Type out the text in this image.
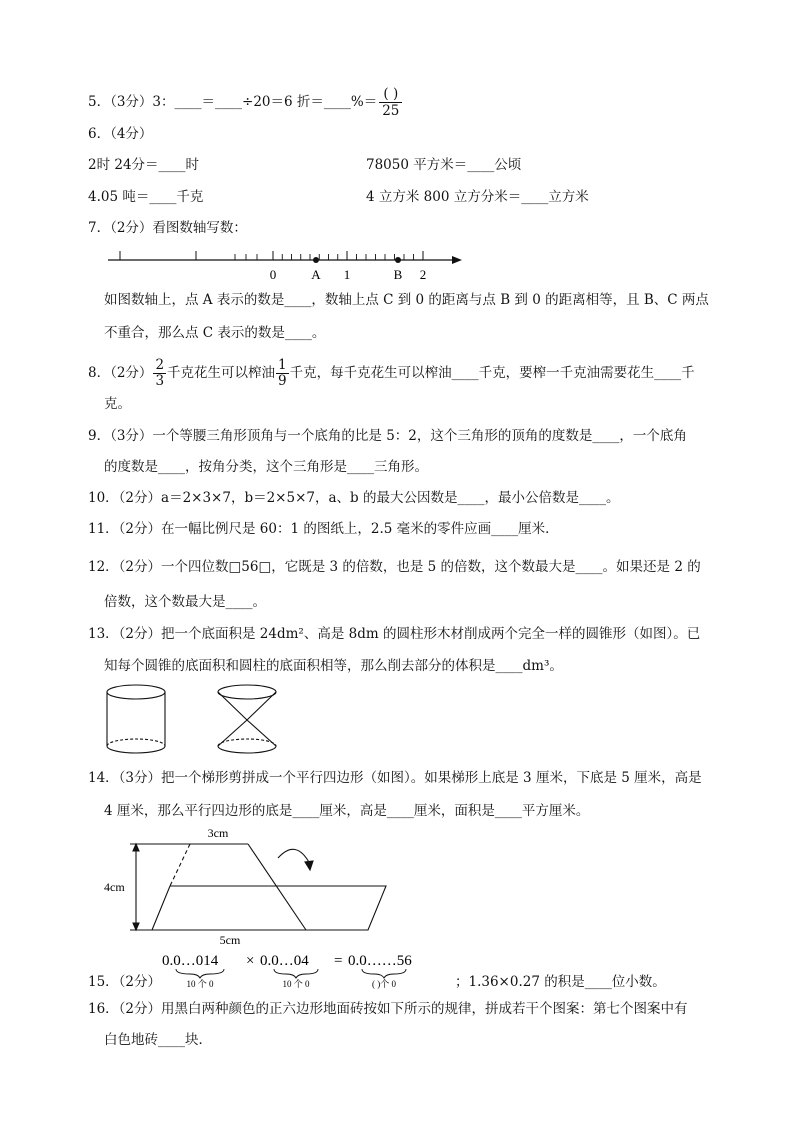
5．（3分）3：____＝____÷20＝6 折＝____%＝ ( )
25
6．（4分）
2时 24分＝____时	78050 平方米＝____公顷
4.05 吨＝____千克	4 立方米 800 立方分米＝____立方米
7．（2分）看图数轴写数：
0	A 1	B 2
如图数轴上，点 A 表示的数是____，数轴上点 C 到 0 的距离与点 B 到 0 的距离相等，且 B、C 两点
不重合，那么点 C 表示的数是____。
8．（2分） $\frac{2}{3}$ 千克花生可以榨油 $\frac{1}{9}$ 千克，每千克花生可以榨油____千克，要榨一千克油需要花生____千
克。
9．（3分）一个等腰三角形顶角与一个底角的比是 5：2，这个三角形的顶角的度数是____，一个底角
的度数是____，按角分类，这个三角形是____三角形。
10．（2分）a＝2×3×7，b＝2×5×7，a、b 的最大公因数是____，最小公倍数是____。
11．（2分）在一幅比例尺是 60：1 的图纸上，2.5 毫米的零件应画____厘米．
12．（2分）一个四位数□56□，它既是 3 的倍数，也是 5 的倍数，这个数最大是____。如果还是 2 的
倍数，这个数最大是____。
13．（2分）把一个底面积是 24dm²、高是 8dm 的圆柱形木材削成两个完全一样的圆锥形（如图）。已
知每个圆锥的底面积和圆柱的底面积相等，那么削去部分的体积是____dm³。
14．（3分）把一个梯形剪拼成一个平行四边形（如图）。如果梯形上底是 3 厘米，下底是 5 厘米，高是
4 厘米，那么平行四边形的底是____厘米，高是____厘米，面积是____平方厘米。
3cm
4cm
5cm
15．（2分）
0.0…014 × 0.0…04 = 0.0……56
10 个 0	10 个 0	( )个 0	；1.36×0.27 的积是____位小数。
16．（2分）用黑白两种颜色的正六边形地面砖按如下所示的规律，拼成若干个图案：第七个图案中有
白色地砖____块．
